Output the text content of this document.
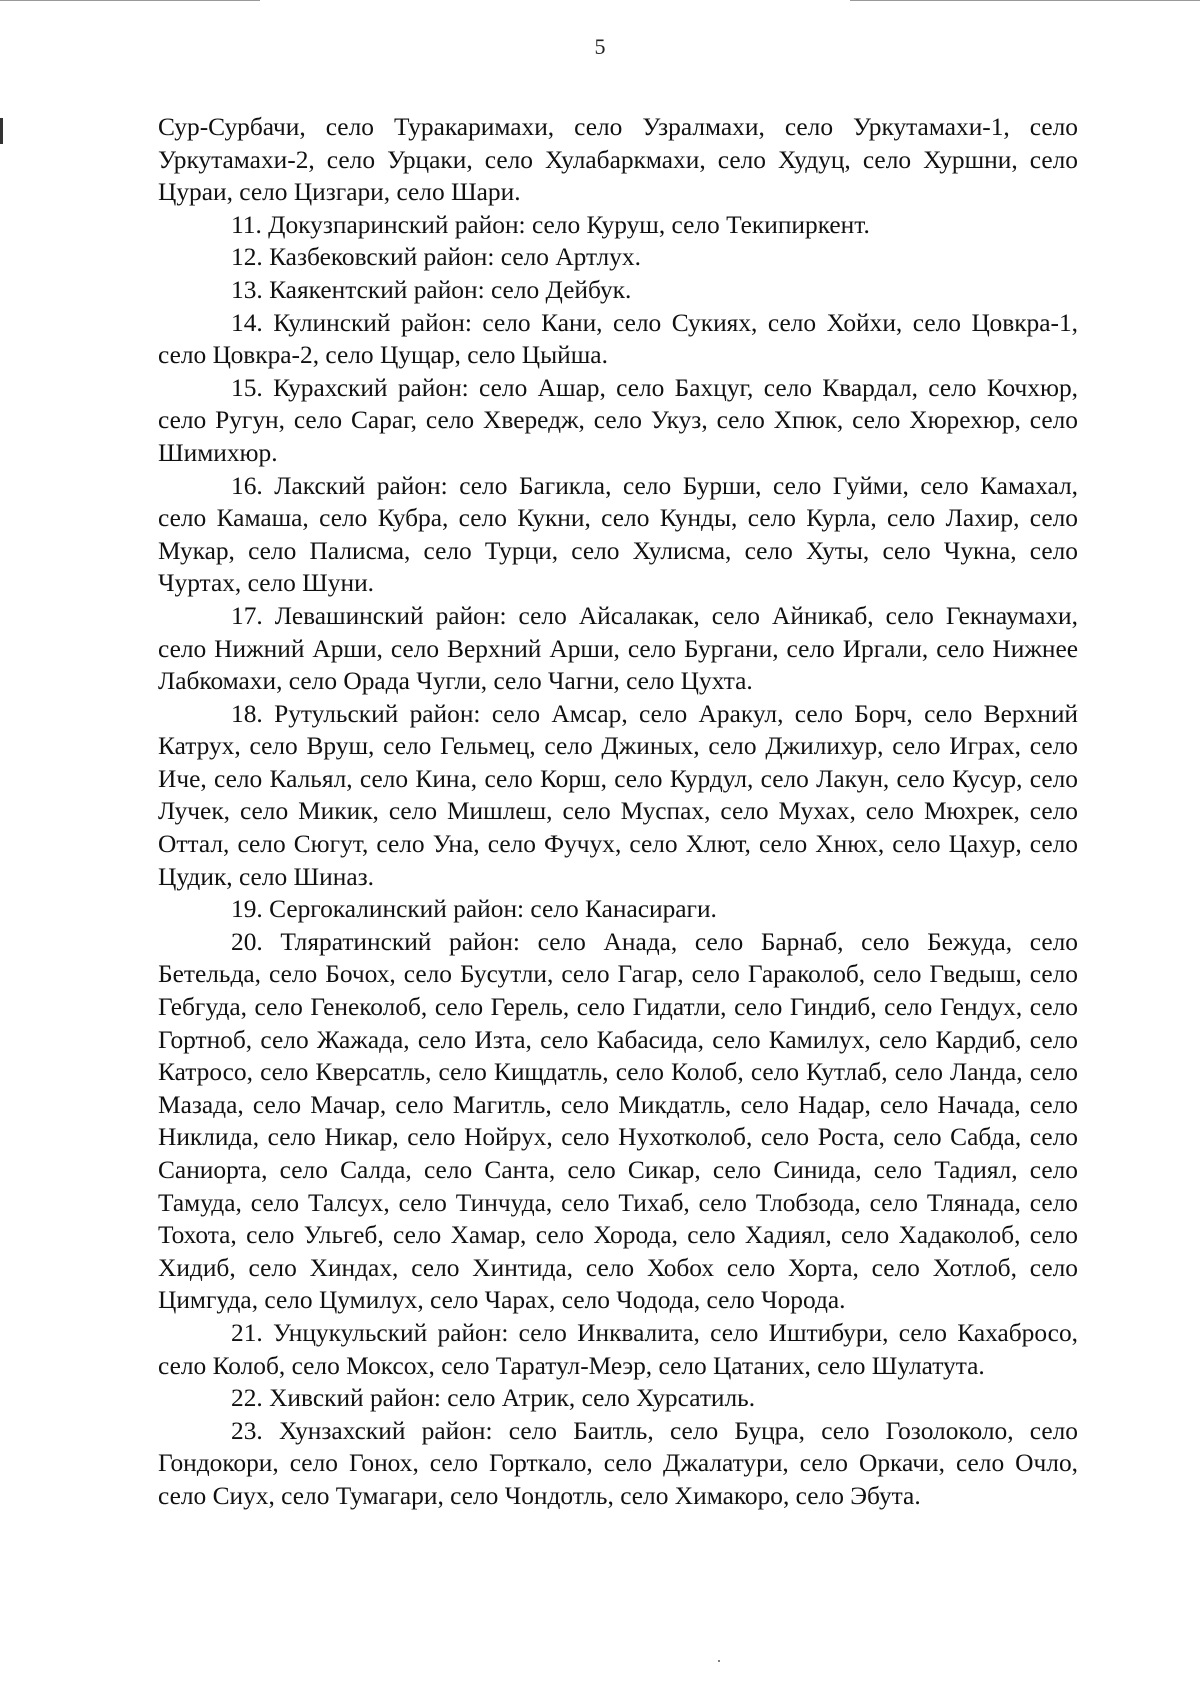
5

Сур-Сурбачи, село Туракаримахи, село Узралмахи, село Уркутамахи-1, село Уркутамахи-2, село Урцаки, село Хулабаркмахи, село Худуц, село Хуршни, село Цураи, село Цизгари, село Шари.

11. Докузпаринский район: село Куруш, село Текипиркент.

12. Казбековский район: село Артлух.

13. Каякентский район: село Дейбук.

14. Кулинский район: село Кани, село Сукиях, село Хойхи, село Цовкра-1, село Цовкра-2, село Цущар, село Цыйша.

15. Курахский район: село Ашар, село Бахцуг, село Квардал, село Кочхюр, село Ругун, село Сараг, село Хвередж, село Укуз, село Хпюк, село Хюрехюр, село Шимихюр.

16. Лакский район: село Багикла, село Бурши, село Гуйми, село Камахал, село Камаша, село Кубра, село Кукни, село Кунды, село Курла, село Лахир, село Мукар, село Палисма, село Турци, село Хулисма, село Хуты, село Чукна, село Чуртах, село Шуни.

17. Левашинский район: село Айсалакак, село Айникаб, село Гекнаумахи, село Нижний Арши, село Верхний Арши, село Бургани, село Иргали, село Нижнее Лабкомахи, село Орада Чугли, село Чагни, село Цухта.

18. Рутульский район: село Амсар, село Аракул, село Борч, село Верхний Катрух, село Вруш, село Гельмец, село Джиных, село Джилихур, село Играх, село Иче, село Кальял, село Кина, село Корш, село Курдул, село Лакун, село Кусур, село Лучек, село Микик, село Мишлеш, село Муспах, село Мухах, село Мюхрек, село Оттал, село Сюгут, село Уна, село Фучух, село Хлют, село Хнюх, село Цахур, село Цудик, село Шиназ.

19. Сергокалинский район: село Канасираги.

20. Тляратинский район: село Анада, село Барнаб, село Бежуда, село Бетельда, село Бочох, село Бусутли, село Гагар, село Гараколоб, село Гведыш, село Гебгуда, село Генеколоб, село Герель, село Гидатли, село Гиндиб, село Гендух, село Гортноб, село Жажада, село Изта, село Кабасида, село Камилух, село Кардиб, село Катросо, село Кверсатль, село Кищдатль, село Колоб, село Кутлаб, село Ланда, село Мазада, село Мачар, село Магитль, село Микдатль, село Надар, село Начада, село Никлида, село Никар, село Нойрух, село Нухотколоб, село Роста, село Сабда, село Саниорта, село Салда, село Санта, село Сикар, село Синида, село Тадиял, село Тамуда, село Талсух, село Тинчуда, село Тихаб, село Тлобзода, село Тлянада, село Тохота, село Ульгеб, село Хамар, село Хорода, село Хадиял, село Хадаколоб, село Хидиб, село Хиндах, село Хинтида, село Хобох село Хорта, село Хотлоб, село Цимгуда, село Цумилух, село Чарах, село Чодода, село Чорода.

21. Унцукульский район: село Инквалита, село Иштибури, село Кахабросо, село Колоб, село Моксох, село Таратул-Меэр, село Цатаних, село Шулатута.

22. Хивский район: село Атрик, село Хурсатиль.

23. Хунзахский район: село Баитль, село Буцра, село Гозолоколо, село Гондокори, село Гонох, село Горткало, село Джалатури, село Оркачи, село Очло, село Сиух, село Тумагари, село Чондотль, село Химакоро, село Эбута.
